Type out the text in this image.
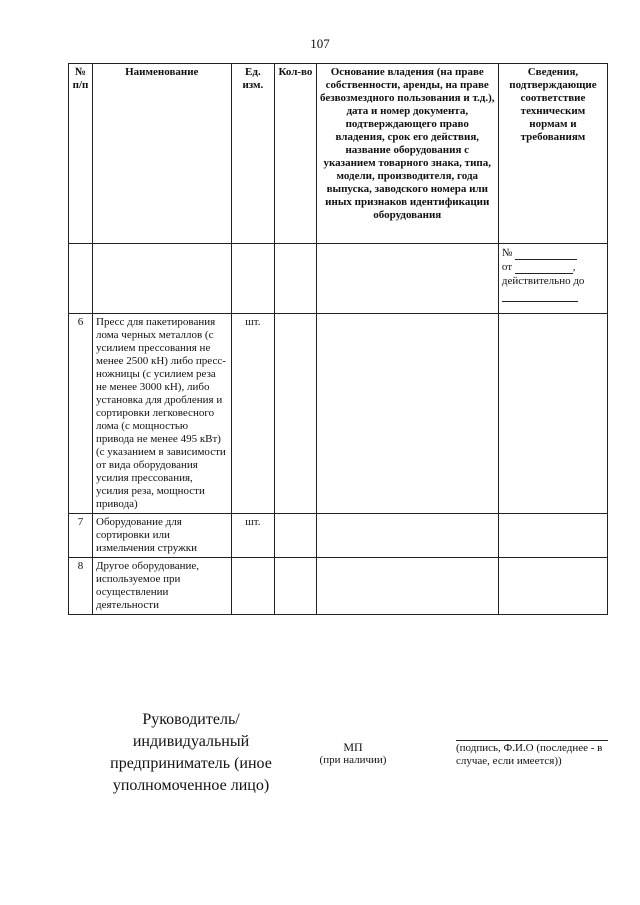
107
№ п/п	Наименование	Ед. изм.	Кол-во	Основание владения (на праве собственности, аренды, на праве безвозмездного пользования и т.д.), дата и номер документа, подтверждающего право владения, срок его действия, название оборудования с указанием товарного знака, типа, модели, производителя, года выпуска, заводского номера или иных признаков идентификации оборудования	Сведения, подтверждающие соответствие техническим нормам и требованиям

					№
от ,
действительно до

6	Пресс для пакетирования лома черных металлов (с усилием прессования не менее 2500 кН) либо пресс-ножницы (с усилием реза не менее 3000 кН), либо установка для дробления и сортировки легковесного лома (с мощностью привода не менее 495 кВт) (с указанием в зависимости от вида оборудования усилия прессования, усилия реза, мощности привода)	шт.			
7	Оборудование для сортировки или измельчения стружки	шт.			
8	Другое оборудование, используемое при осуществлении деятельности				
Руководитель/ индивидуальный предприниматель (иное уполномоченное лицо)
МП
(при наличии)
(подпись, Ф.И.О (последнее - в случае, если имеется))
